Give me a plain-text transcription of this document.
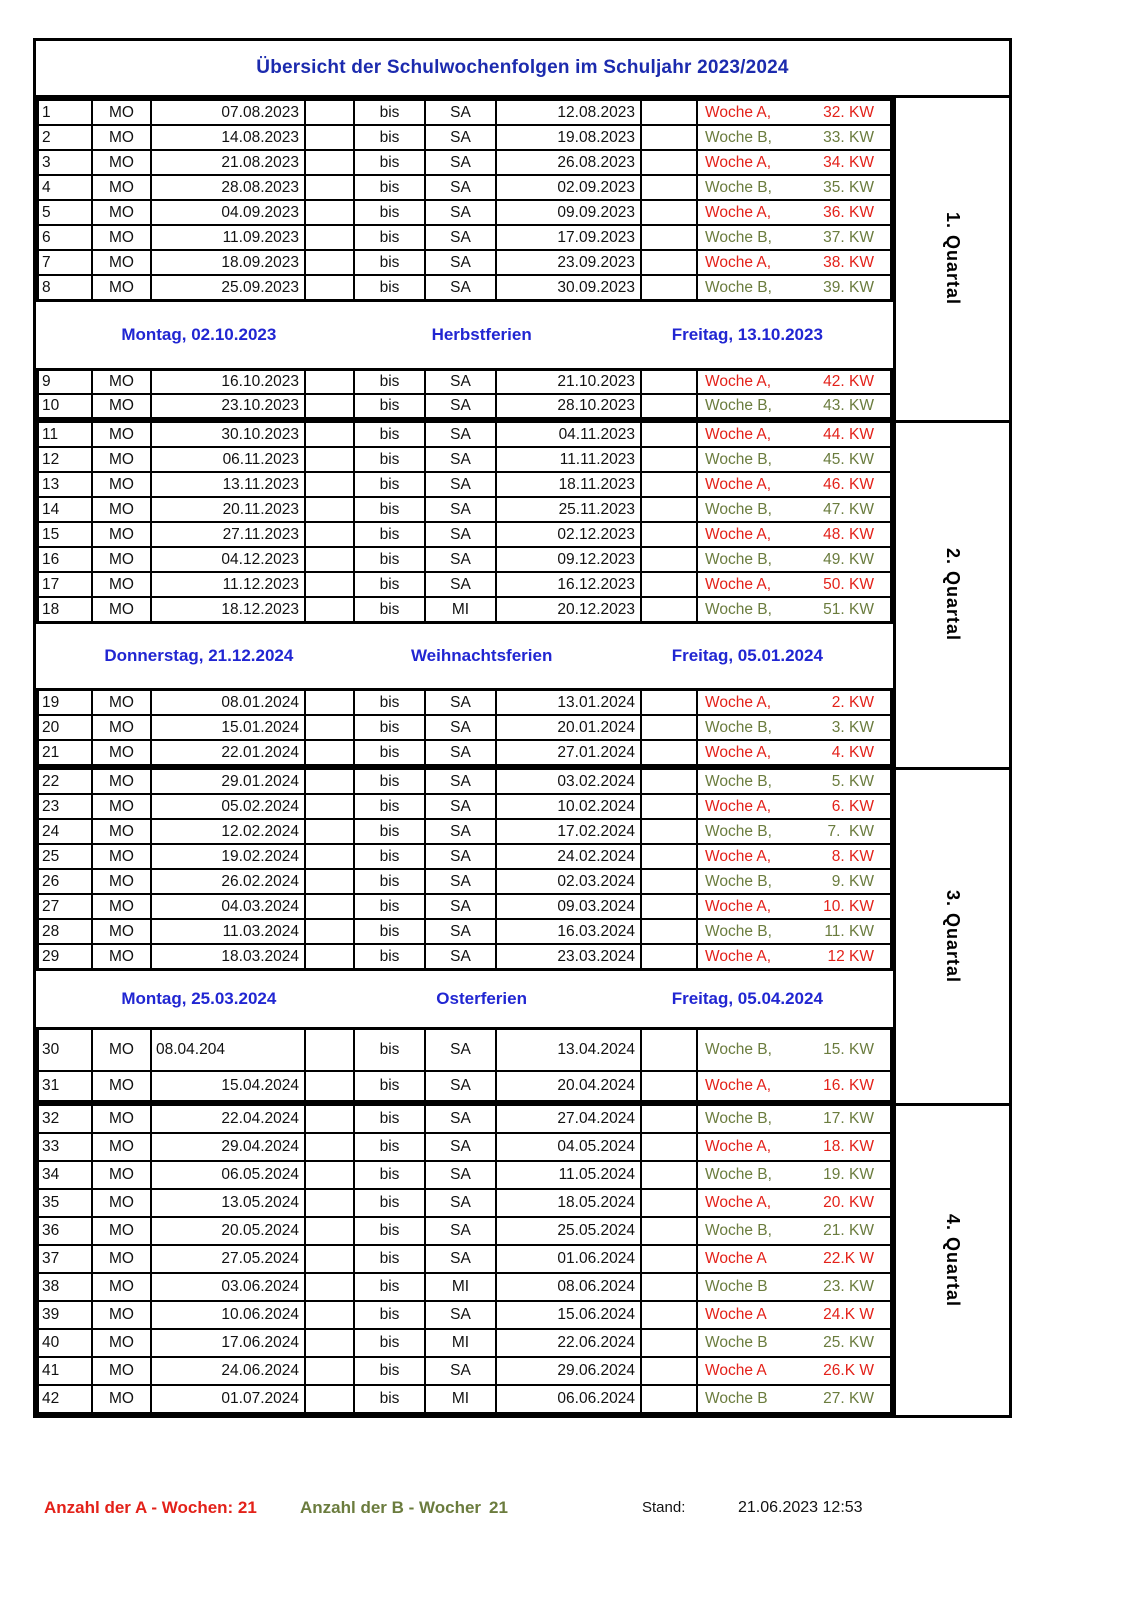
Übersicht der Schulwochenfolgen im Schuljahr 2023/2024
1	MO	07.08.2023	bis	SA	12.08.2023	Woche A,	32. KW
2	MO	14.08.2023	bis	SA	19.08.2023	Woche B,	33. KW
3	MO	21.08.2023	bis	SA	26.08.2023	Woche A,	34. KW
4	MO	28.08.2023	bis	SA	02.09.2023	Woche B,	35. KW
5	MO	04.09.2023	bis	SA	09.09.2023	Woche A,	36. KW
6	MO	11.09.2023	bis	SA	17.09.2023	Woche B,	37. KW
7	MO	18.09.2023	bis	SA	23.09.2023	Woche A,	38. KW
8	MO	25.09.2023	bis	SA	30.09.2023	Woche B,	39. KW
Montag, 02.10.2023	Herbstferien	Freitag, 13.10.2023
9	MO	16.10.2023	bis	SA	21.10.2023	Woche A,	42. KW
10	MO	23.10.2023	bis	SA	28.10.2023	Woche B,	43. KW
1. Quartal
11	MO	30.10.2023	bis	SA	04.11.2023	Woche A,	44. KW
12	MO	06.11.2023	bis	SA	11.11.2023	Woche B,	45. KW
13	MO	13.11.2023	bis	SA	18.11.2023	Woche A,	46. KW
14	MO	20.11.2023	bis	SA	25.11.2023	Woche B,	47. KW
15	MO	27.11.2023	bis	SA	02.12.2023	Woche A,	48. KW
16	MO	04.12.2023	bis	SA	09.12.2023	Woche B,	49. KW
17	MO	11.12.2023	bis	SA	16.12.2023	Woche A,	50. KW
18	MO	18.12.2023	bis	MI	20.12.2023	Woche B,	51. KW
Donnerstag, 21.12.2024	Weihnachtsferien	Freitag, 05.01.2024
19	MO	08.01.2024	bis	SA	13.01.2024	Woche A,	2. KW
20	MO	15.01.2024	bis	SA	20.01.2024	Woche B,	3. KW
21	MO	22.01.2024	bis	SA	27.01.2024	Woche A,	4. KW
2. Quartal
22	MO	29.01.2024	bis	SA	03.02.2024	Woche B,	5. KW
23	MO	05.02.2024	bis	SA	10.02.2024	Woche A,	6. KW
24	MO	12.02.2024	bis	SA	17.02.2024	Woche B,	7.  KW
25	MO	19.02.2024	bis	SA	24.02.2024	Woche A,	8. KW
26	MO	26.02.2024	bis	SA	02.03.2024	Woche B,	9. KW
27	MO	04.03.2024	bis	SA	09.03.2024	Woche A,	10. KW
28	MO	11.03.2024	bis	SA	16.03.2024	Woche B,	11. KW
29	MO	18.03.2024	bis	SA	23.03.2024	Woche A,	12 KW
Montag, 25.03.2024	Osterferien	Freitag, 05.04.2024
30	MO	08.04.204	bis	SA	13.04.2024	Woche B,	15. KW
31	MO	15.04.2024	bis	SA	20.04.2024	Woche A,	16. KW
3. Quartal
32	MO	22.04.2024	bis	SA	27.04.2024	Woche B,	17. KW
33	MO	29.04.2024	bis	SA	04.05.2024	Woche A,	18. KW
34	MO	06.05.2024	bis	SA	11.05.2024	Woche B,	19. KW
35	MO	13.05.2024	bis	SA	18.05.2024	Woche A,	20. KW
36	MO	20.05.2024	bis	SA	25.05.2024	Woche B,	21. KW
37	MO	27.05.2024	bis	SA	01.06.2024	Woche A	22.K W
38	MO	03.06.2024	bis	MI	08.06.2024	Woche B	23. KW
39	MO	10.06.2024	bis	SA	15.06.2024	Woche A	24.K W
40	MO	17.06.2024	bis	MI	22.06.2024	Woche B	25. KW
41	MO	24.06.2024	bis	SA	29.06.2024	Woche A	26.K W
42	MO	01.07.2024	bis	MI	06.06.2024	Woche B	27. KW
4. Quartal
Anzahl der A - Wochen: 21	Anzahl der B - Wocher 21	Stand:	21.06.2023 12:53
